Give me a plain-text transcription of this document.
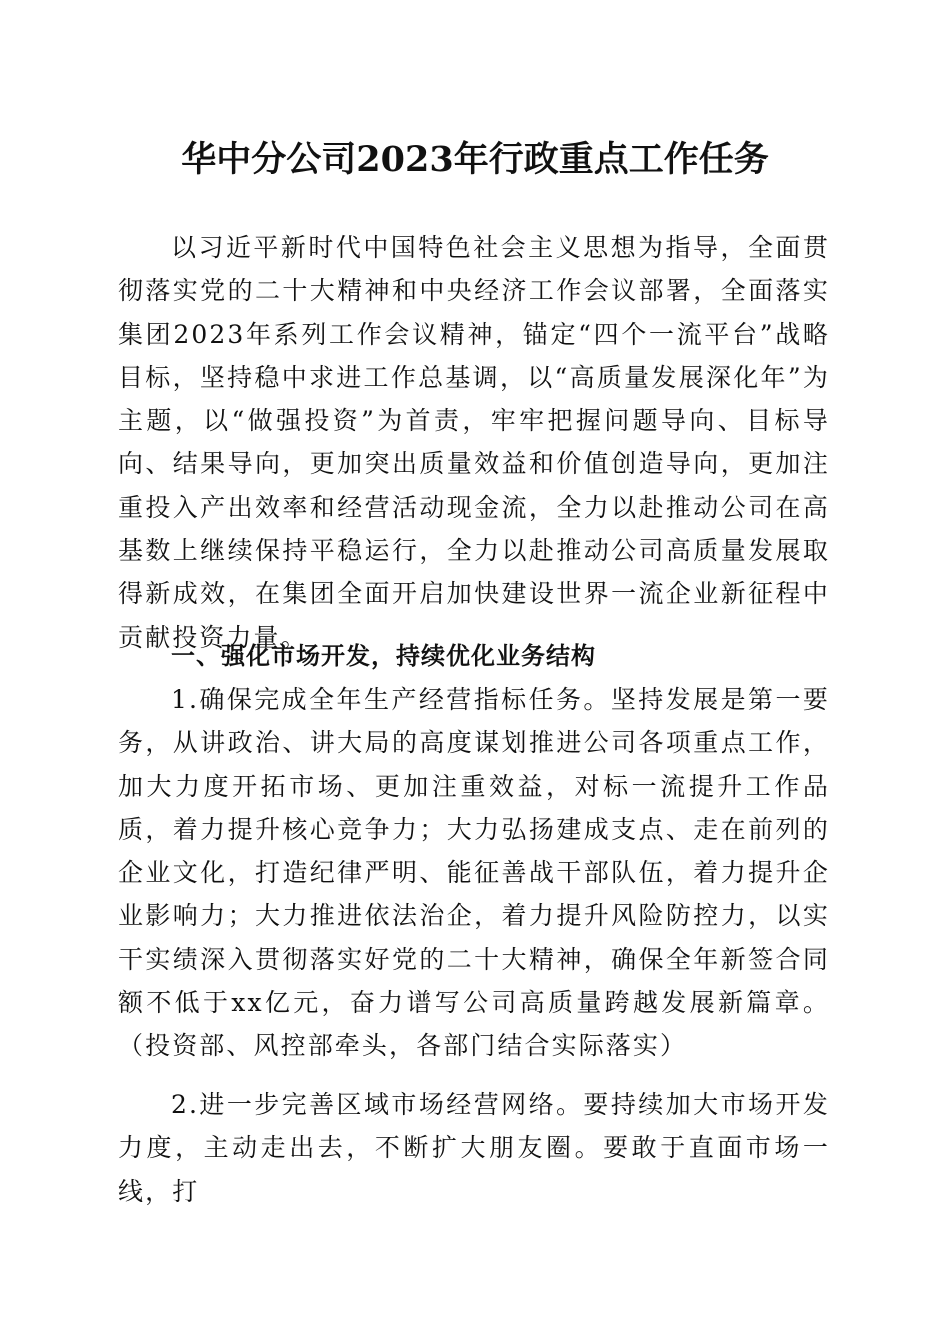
华中分公司2023年行政重点工作任务

以习近平新时代中国特色社会主义思想为指导，全面贯彻落实党的二十大精神和中央经济工作会议部署，全面落实集团2023年系列工作会议精神，锚定“四个一流平台”战略目标，坚持稳中求进工作总基调，以“高质量发展深化年”为主题，以“做强投资”为首责，牢牢把握问题导向、目标导向、结果导向，更加突出质量效益和价值创造导向，更加注重投入产出效率和经营活动现金流，全力以赴推动公司在高基数上继续保持平稳运行，全力以赴推动公司高质量发展取得新成效，在集团全面开启加快建设世界一流企业新征程中贡献投资力量。

一、强化市场开发，持续优化业务结构

1.确保完成全年生产经营指标任务。坚持发展是第一要务，从讲政治、讲大局的高度谋划推进公司各项重点工作，加大力度开拓市场、更加注重效益，对标一流提升工作品质，着力提升核心竞争力；大力弘扬建成支点、走在前列的企业文化，打造纪律严明、能征善战干部队伍，着力提升企业影响力；大力推进依法治企，着力提升风险防控力，以实干实绩深入贯彻落实好党的二十大精神，确保全年新签合同额不低于xx亿元，奋力谱写公司高质量跨越发展新篇章。（投资部、风控部牵头，各部门结合实际落实）

2.进一步完善区域市场经营网络。要持续加大市场开发力度，主动走出去，不断扩大朋友圈。要敢于直面市场一线，打
